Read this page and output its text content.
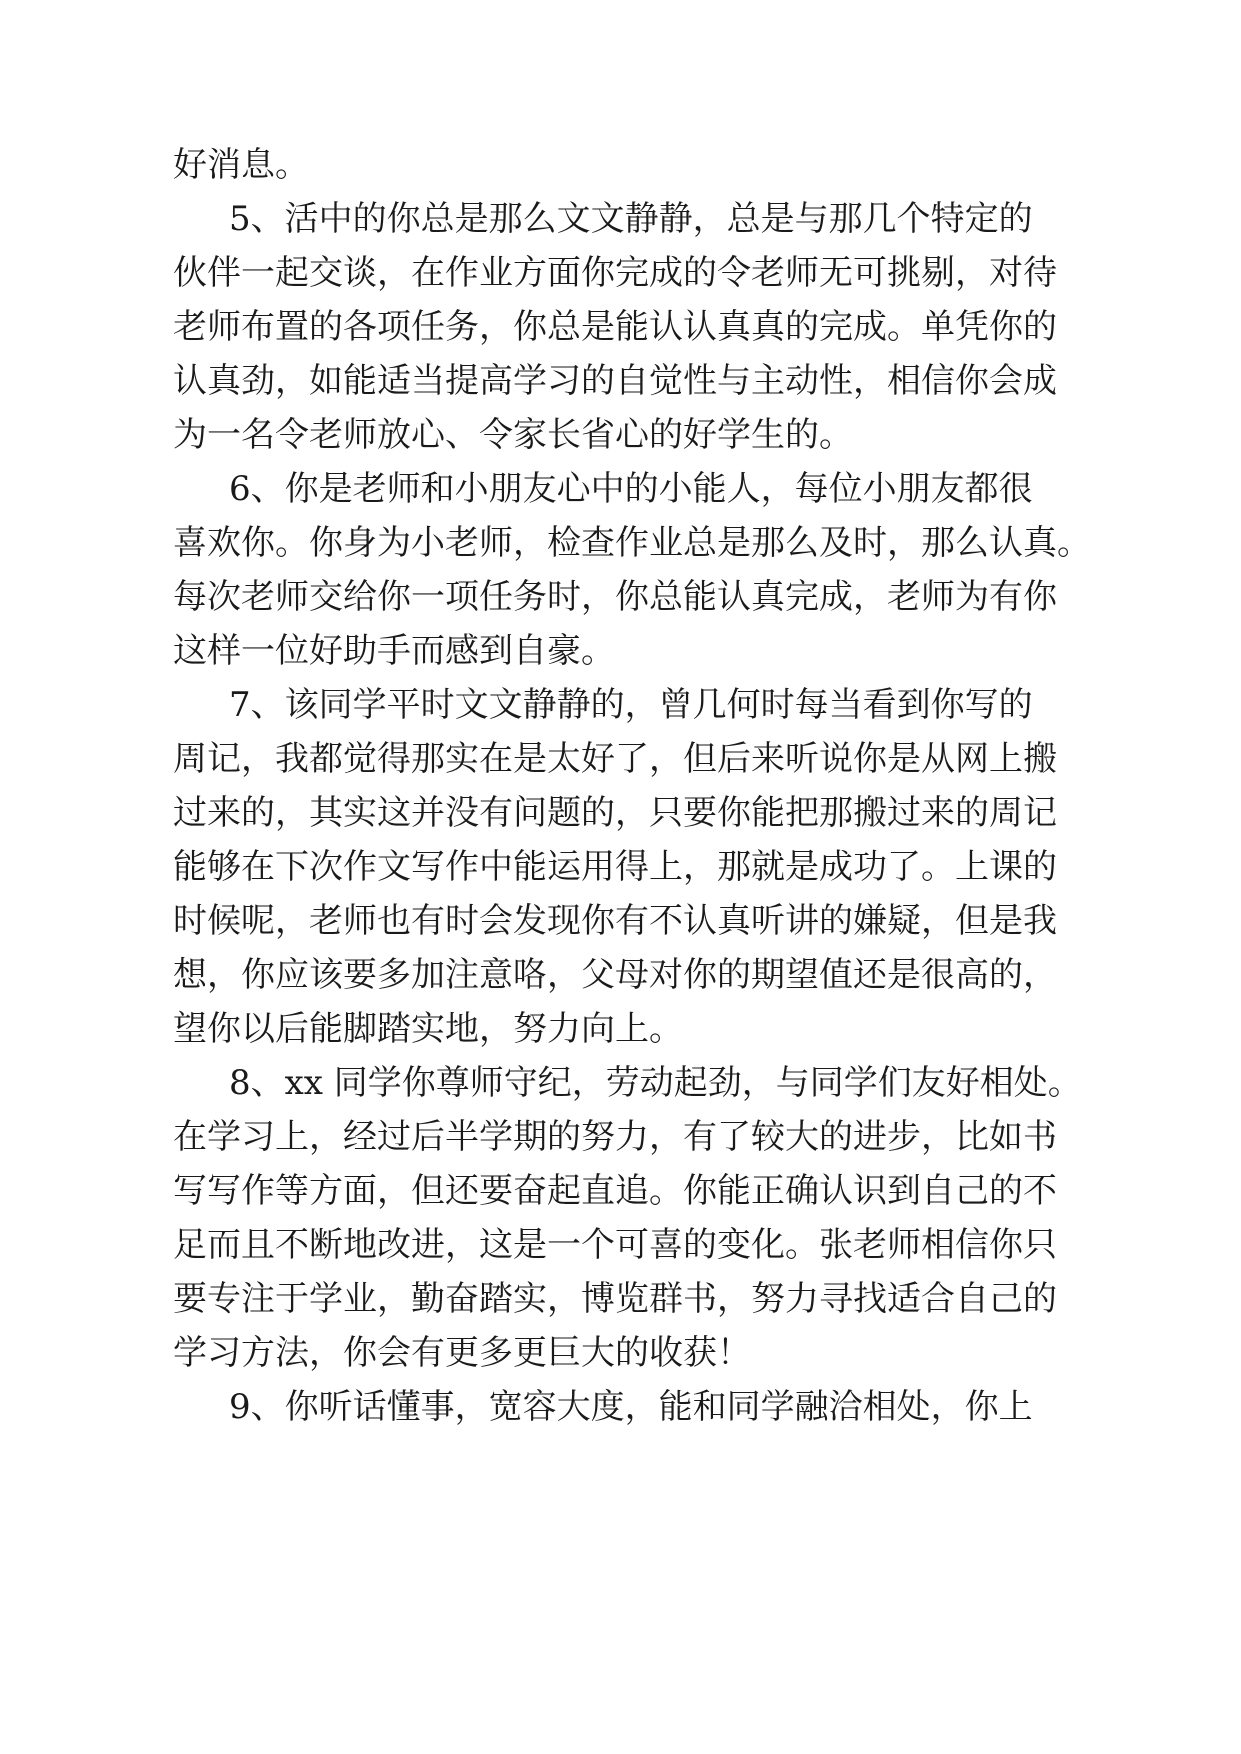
好消息。

5、活中的你总是那么文文静静，总是与那几个特定的

伙伴一起交谈，在作业方面你完成的令老师无可挑剔，对待

老师布置的各项任务，你总是能认认真真的完成。单凭你的

认真劲，如能适当提高学习的自觉性与主动性，相信你会成

为一名令老师放心、令家长省心的好学生的。

6、你是老师和小朋友心中的小能人，每位小朋友都很

喜欢你。你身为小老师，检查作业总是那么及时，那么认真。

每次老师交给你一项任务时，你总能认真完成，老师为有你

这样一位好助手而感到自豪。

7、该同学平时文文静静的，曾几何时每当看到你写的

周记，我都觉得那实在是太好了，但后来听说你是从网上搬

过来的，其实这并没有问题的，只要你能把那搬过来的周记

能够在下次作文写作中能运用得上，那就是成功了。上课的

时候呢，老师也有时会发现你有不认真听讲的嫌疑，但是我

想，你应该要多加注意咯，父母对你的期望值还是很高的，

望你以后能脚踏实地，努力向上。

8、xx 同学你尊师守纪，劳动起劲，与同学们友好相处。

在学习上，经过后半学期的努力，有了较大的进步，比如书

写写作等方面，但还要奋起直追。你能正确认识到自己的不

足而且不断地改进，这是一个可喜的变化。张老师相信你只

要专注于学业，勤奋踏实，博览群书，努力寻找适合自己的

学习方法，你会有更多更巨大的收获！

9、你听话懂事，宽容大度，能和同学融洽相处，你上
